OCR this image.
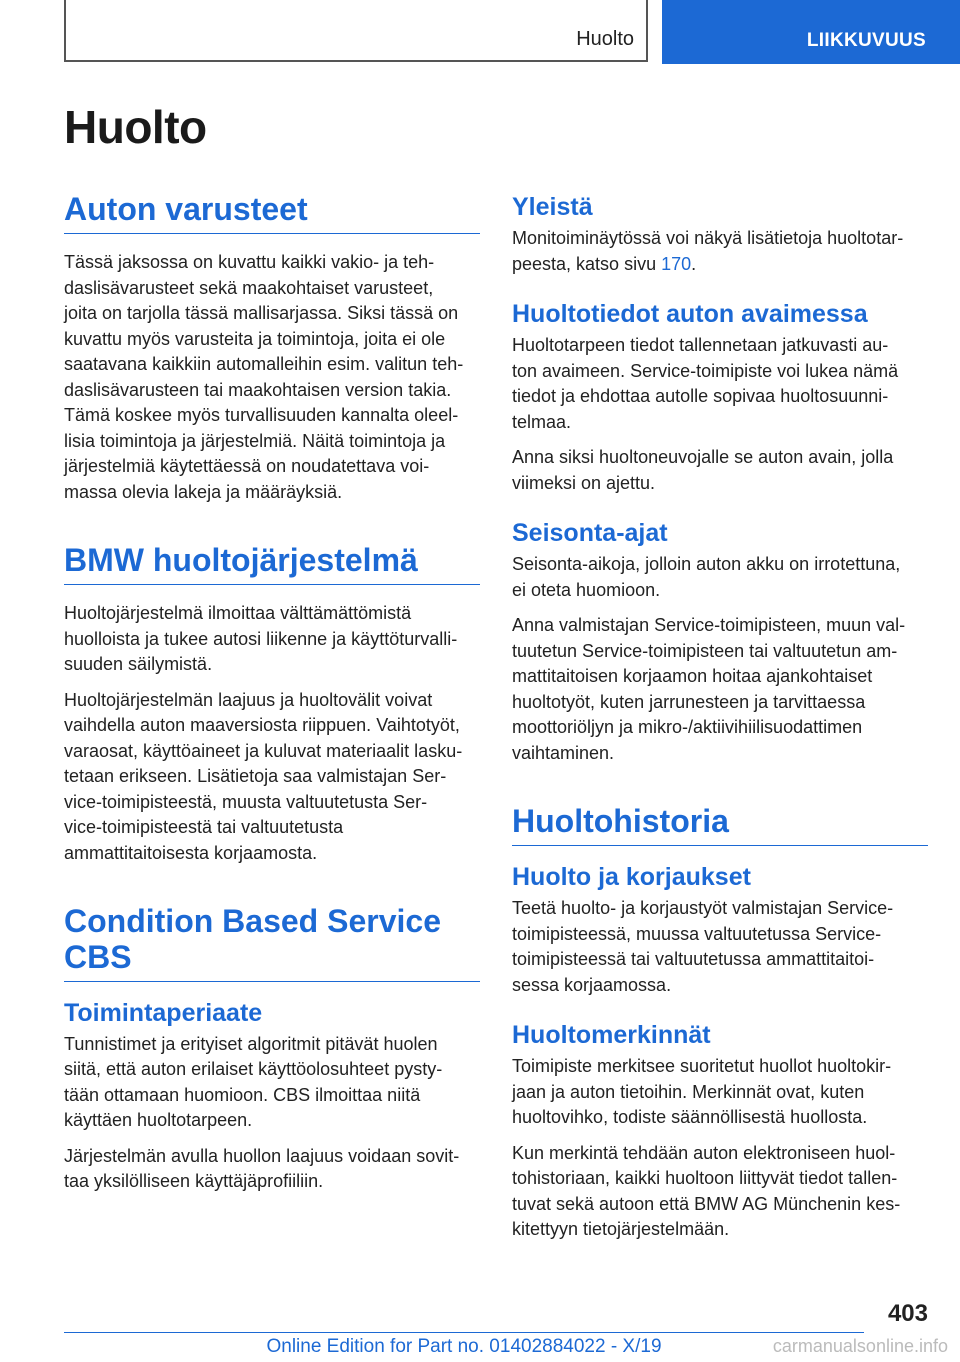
Huolto	LIIKKUVUUS
Huolto
Auton varusteet

Tässä jaksossa on kuvattu kaikki vakio- ja teh-
daslisävarusteet sekä maakohtaiset varusteet,
joita on tarjolla tässä mallisarjassa. Siksi tässä on
kuvattu myös varusteita ja toimintoja, joita ei ole
saatavana kaikkiin automalleihin esim. valitun teh-
daslisävarusteen tai maakohtaisen version takia.
Tämä koskee myös turvallisuuden kannalta oleel-
lisia toimintoja ja järjestelmiä. Näitä toimintoja ja
järjestelmiä käytettäessä on noudatettava voi-
massa olevia lakeja ja määräyksiä.

BMW huoltojärjestelmä

Huoltojärjestelmä ilmoittaa välttämättömistä
huolloista ja tukee autosi liikenne ja käyttöturvalli-
suuden säilymistä.

Huoltojärjestelmän laajuus ja huoltovälit voivat
vaihdella auton maaversiosta riippuen. Vaihtotyöt,
varaosat, käyttöaineet ja kuluvat materiaalit lasku-
tetaan erikseen. Lisätietoja saa valmistajan Ser-
vice-toimipisteestä, muusta valtuutetusta Ser-
vice-toimipisteestä tai valtuutetusta
ammattitaitoisesta korjaamosta.

Condition Based Service
CBS
Toimintaperiaate

Tunnistimet ja erityiset algoritmit pitävät huolen
siitä, että auton erilaiset käyttöolosuhteet pysty-
tään ottamaan huomioon. CBS ilmoittaa niitä
käyttäen huoltotarpeen.

Järjestelmän avulla huollon laajuus voidaan sovit-
taa yksilölliseen käyttäjäprofiiliin.

Yleistä

Monitoiminäytössä voi näkyä lisätietoja huoltotar-
peesta, katso sivu 170.

Huoltotiedot auton avaimessa

Huoltotarpeen tiedot tallennetaan jatkuvasti au-
ton avaimeen. Service-toimipiste voi lukea nämä
tiedot ja ehdottaa autolle sopivaa huoltosuunni-
telmaa.

Anna siksi huoltoneuvojalle se auton avain, jolla
viimeksi on ajettu.

Seisonta-ajat

Seisonta-aikoja, jolloin auton akku on irrotettuna,
ei oteta huomioon.

Anna valmistajan Service-toimipisteen, muun val-
tuutetun Service-toimipisteen tai valtuutetun am-
mattitaitoisen korjaamon hoitaa ajankohtaiset
huoltotyöt, kuten jarrunesteen ja tarvittaessa
moottoriöljyn ja mikro-/aktiivihiilisuodattimen
vaihtaminen.

Huoltohistoria
Huolto ja korjaukset

Teetä huolto- ja korjaustyöt valmistajan Service-
toimipisteessä, muussa valtuutetussa Service-
toimipisteessä tai valtuutetussa ammattitaitoi-
sessa korjaamossa.

Huoltomerkinnät

Toimipiste merkitsee suoritetut huollot huoltokir-
jaan ja auton tietoihin. Merkinnät ovat, kuten
huoltovihko, todiste säännöllisestä huollosta.

Kun merkintä tehdään auton elektroniseen huol-
tohistoriaan, kaikki huoltoon liittyvät tiedot tallen-
tuvat sekä autoon että BMW AG Münchenin kes-
kitettyyn tietojärjestelmään.

403
Online Edition for Part no. 01402884022 - X/19	carmanualsonline.info
